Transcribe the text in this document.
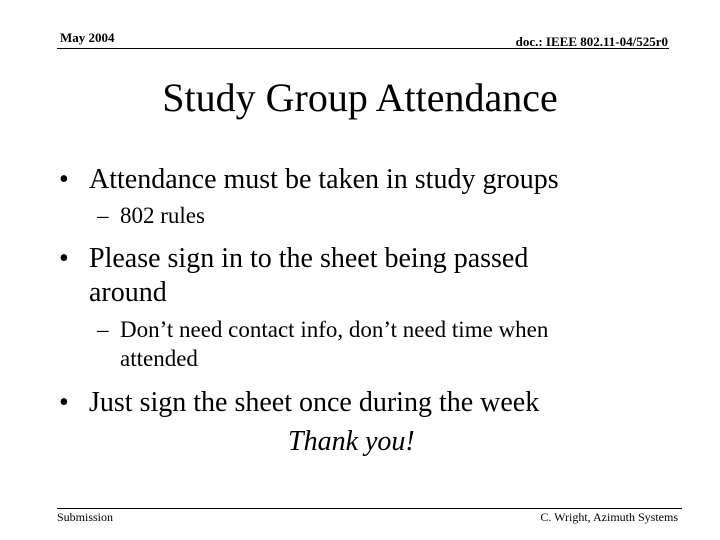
May 2004	doc.: IEEE 802.11-04/525r0
Study Group Attendance
• Attendance must be taken in study groups
– 802 rules
• Please sign in to the sheet being passed
around
– Don’t need contact info, don’t need time when
attended
• Just sign the sheet once during the week
Thank you!
Submission	C. Wright, Azimuth Systems
